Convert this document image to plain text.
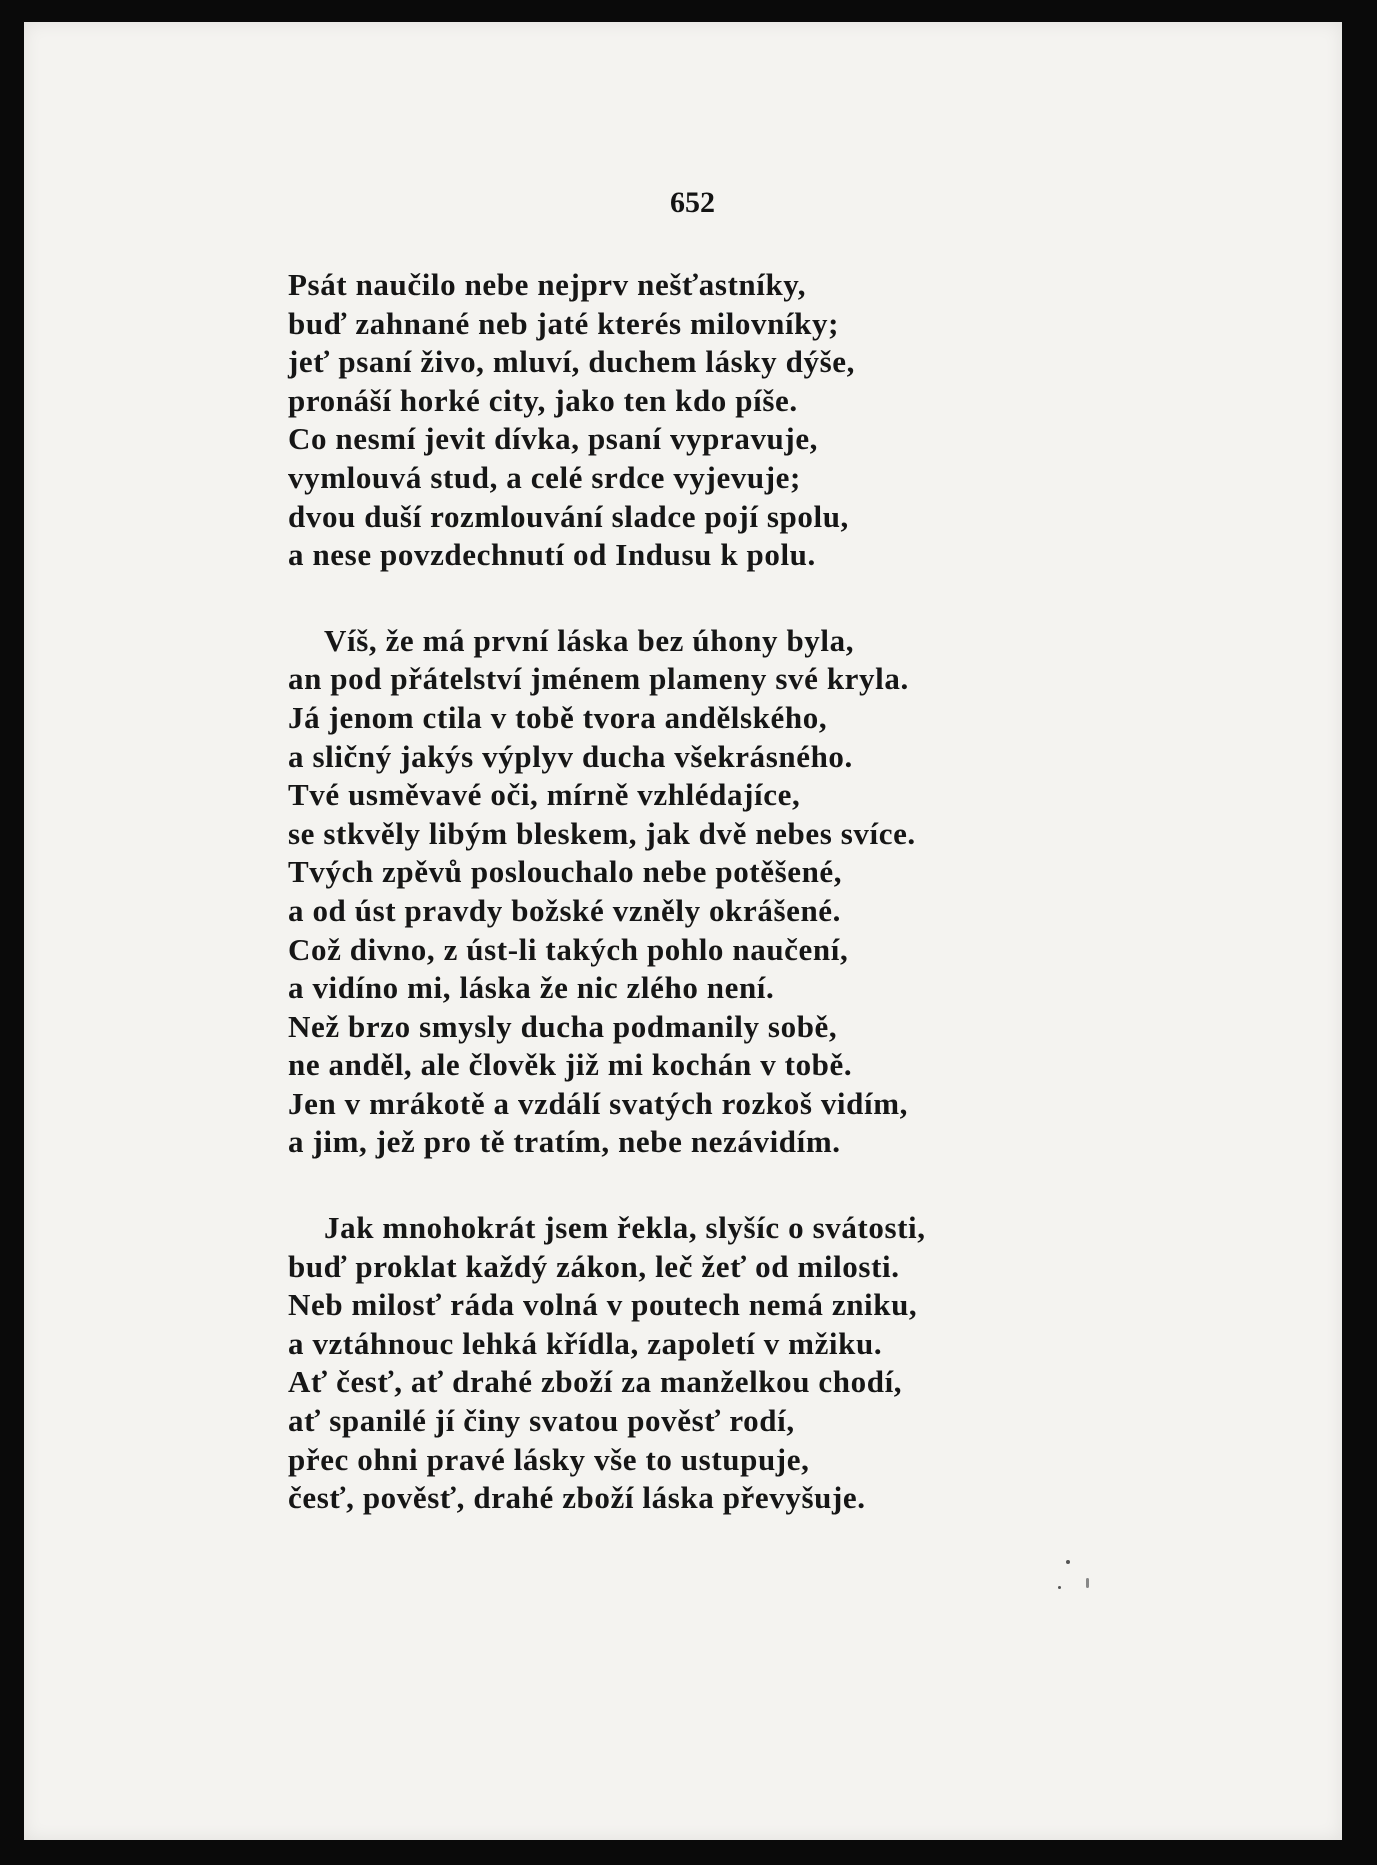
652
Psát naučilo nebe nejprv nešťastníky,
buď zahnané neb jaté kterés milovníky;
jeť psaní živo, mluví, duchem lásky dýše,
pronáší horké city, jako ten kdo píše.
Co nesmí jevit dívka, psaní vypravuje,
vymlouvá stud, a celé srdce vyjevuje;
dvou duší rozmlouvání sladce pojí spolu,
a nese povzdechnutí od Indusu k polu.
Víš, že má první láska bez úhony byla,
an pod přátelství jménem plameny své kryla.
Já jenom ctila v tobě tvora andělského,
a sličný jakýs výplyv ducha všekrásného.
Tvé usměvavé oči, mírně vzhlédajíce,
se stkvěly libým bleskem, jak dvě nebes svíce.
Tvých zpěvů poslouchalo nebe potěšené,
a od úst pravdy božské vzněly okrášené.
Což divno, z úst-li takých pohlo naučení,
a vidíno mi, láska že nic zlého není.
Než brzo smysly ducha podmanily sobě,
ne anděl, ale člověk již mi kochán v tobě.
Jen v mrákotě a vzdálí svatých rozkoš vidím,
a jim, jež pro tě tratím, nebe nezávidím.
Jak mnohokrát jsem řekla, slyšíc o svátosti,
buď proklat každý zákon, leč žeť od milosti.
Neb milosť ráda volná v poutech nemá zniku,
a vztáhnouc lehká křídla, zapoletí v mžiku.
Ať česť, ať drahé zboží za manželkou chodí,
ať spanilé jí činy svatou pověsť rodí,
přec ohni pravé lásky vše to ustupuje,
česť, pověsť, drahé zboží láska převyšuje.
